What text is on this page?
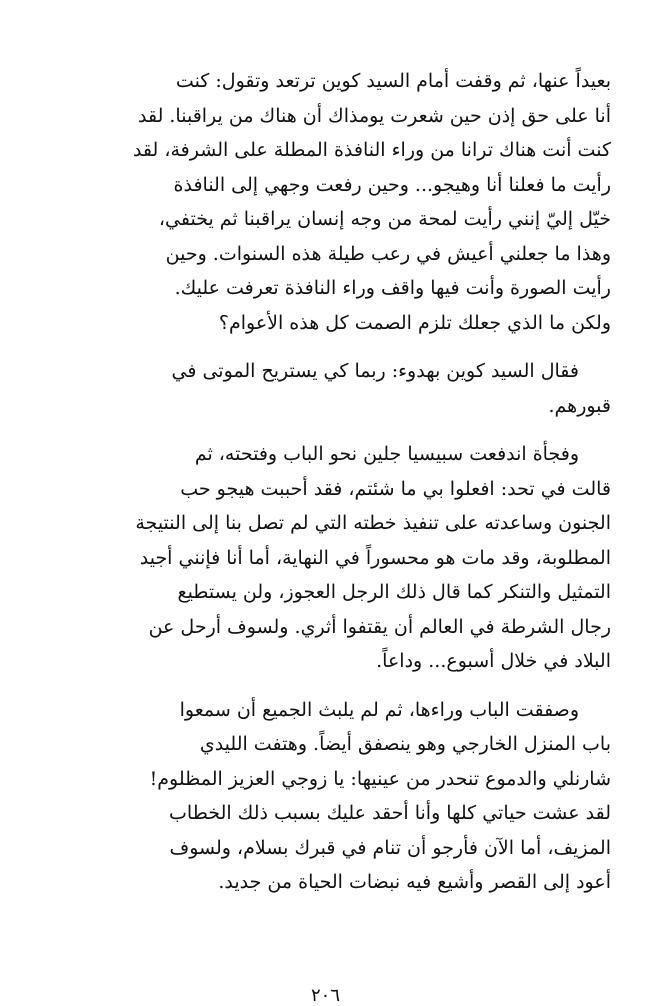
بعيداً عنها، ثم وقفت أمام السيد كوين ترتعد وتقول: كنت
أنا على حق إذن حين شعرت يومذاك أن هناك من يراقبنا. لقد
كنت أنت هناك ترانا من وراء النافذة المطلة على الشرفة، لقد
رأيت ما فعلنا أنا وهيجو... وحين رفعت وجهي إلى النافذة
خيّل إليّ إنني رأيت لمحة من وجه إنسان يراقبنا ثم يختفي،
وهذا ما جعلني أعيش في رعب طيلة هذه السنوات. وحين
رأيت الصورة وأنت فيها واقف وراء النافذة تعرفت عليك.
ولكن ما الذي جعلك تلزم الصمت كل هذه الأعوام؟

فقال السيد كوين بهدوء: ربما كي يستريح الموتى في
قبورهم.

وفجأة اندفعت سبيسيا جلين نحو الباب وفتحته، ثم
قالت في تحد: افعلوا بي ما شئتم، فقد أحببت هيجو حب
الجنون وساعدته على تنفيذ خطته التي لم تصل بنا إلى النتيجة
المطلوبة، وقد مات هو محسوراً في النهاية، أما أنا فإنني أجيد
التمثيل والتنكر كما قال ذلك الرجل العجوز، ولن يستطيع
رجال الشرطة في العالم أن يقتفوا أثري. ولسوف أرحل عن
البلاد في خلال أسبوع... وداعاً.

وصفقت الباب وراءها، ثم لم يلبث الجميع أن سمعوا
باب المنزل الخارجي وهو ينصفق أيضاً. وهتفت الليدي
شارنلي والدموع تنحدر من عينيها: يا زوجي العزيز المظلوم!
لقد عشت حياتي كلها وأنا أحقد عليك بسبب ذلك الخطاب
المزيف، أما الآن فأرجو أن تنام في قبرك بسلام، ولسوف
أعود إلى القصر وأشيع فيه نبضات الحياة من جديد.

٢٠٦
